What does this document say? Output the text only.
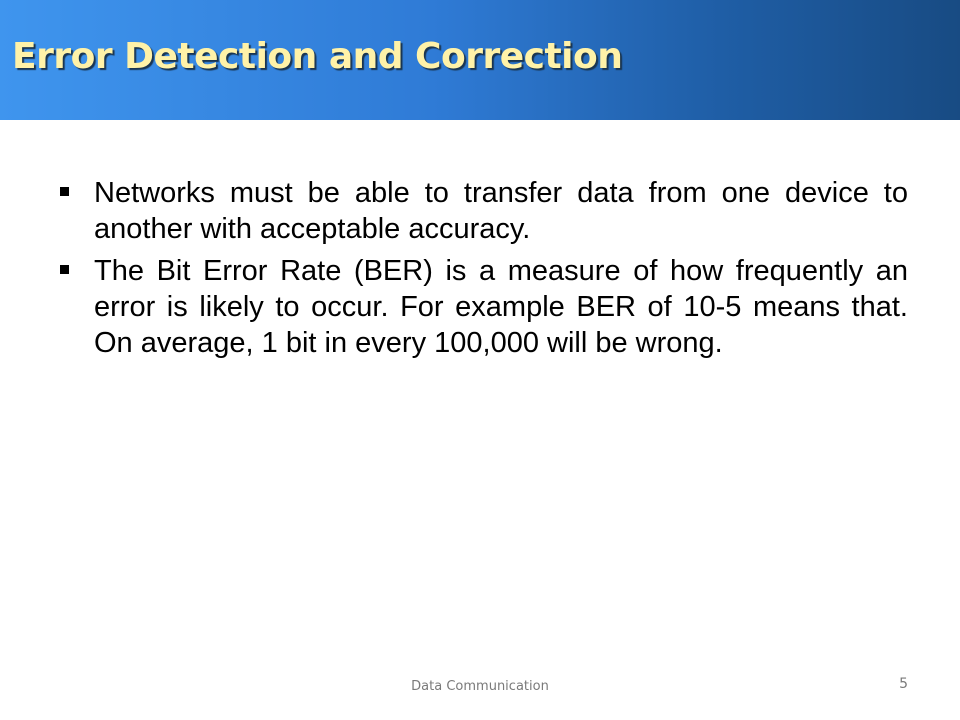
Error Detection and Correction
Networks must be able to transfer data from one device to another with acceptable accuracy.
The Bit Error Rate (BER) is a measure of how frequently an error is likely to occur. For example BER of 10-5 means that. On average, 1 bit in every 100,000 will be wrong.
Data Communication	5
